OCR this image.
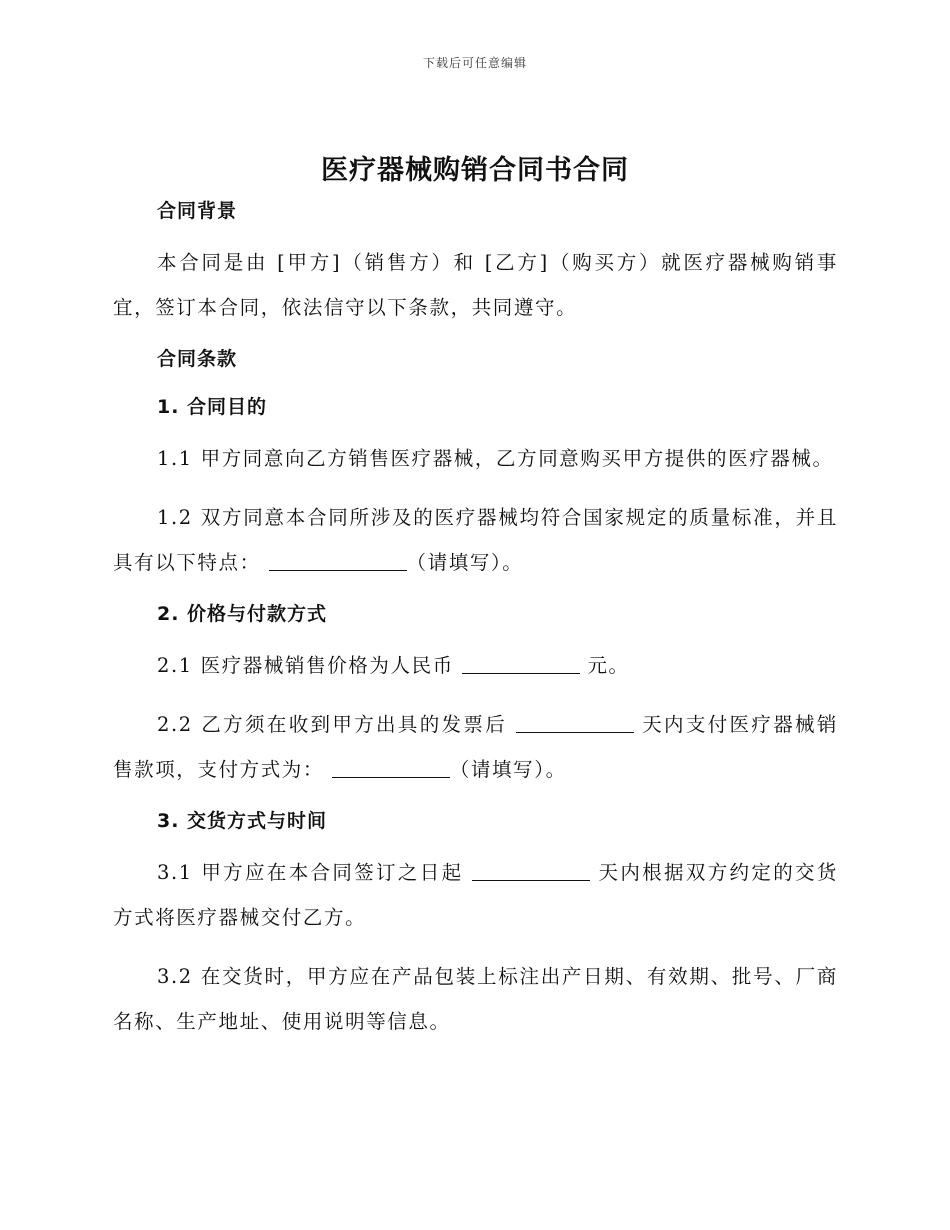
下载后可任意编辑
医疗器械购销合同书合同
合同背景

本合同是由 [甲方]（销售方）和 [乙方]（购买方）就医疗器械购销事宜，签订本合同，依法信守以下条款，共同遵守。

合同条款
1. 合同目的

1.1 甲方同意向乙方销售医疗器械，乙方同意购买甲方提供的医疗器械。

1.2 双方同意本合同所涉及的医疗器械均符合国家规定的质量标准，并且具有以下特点：	（请填写）。

2. 价格与付款方式

2.1 医疗器械销售价格为人民币	元。

2.2 乙方须在收到甲方出具的发票后	天内支付医疗器械销售款项，支付方式为：	（请填写）。

3. 交货方式与时间

3.1 甲方应在本合同签订之日起	天内根据双方约定的交货方式将医疗器械交付乙方。

3.2 在交货时，甲方应在产品包装上标注出产日期、有效期、批号、厂商名称、生产地址、使用说明等信息。
